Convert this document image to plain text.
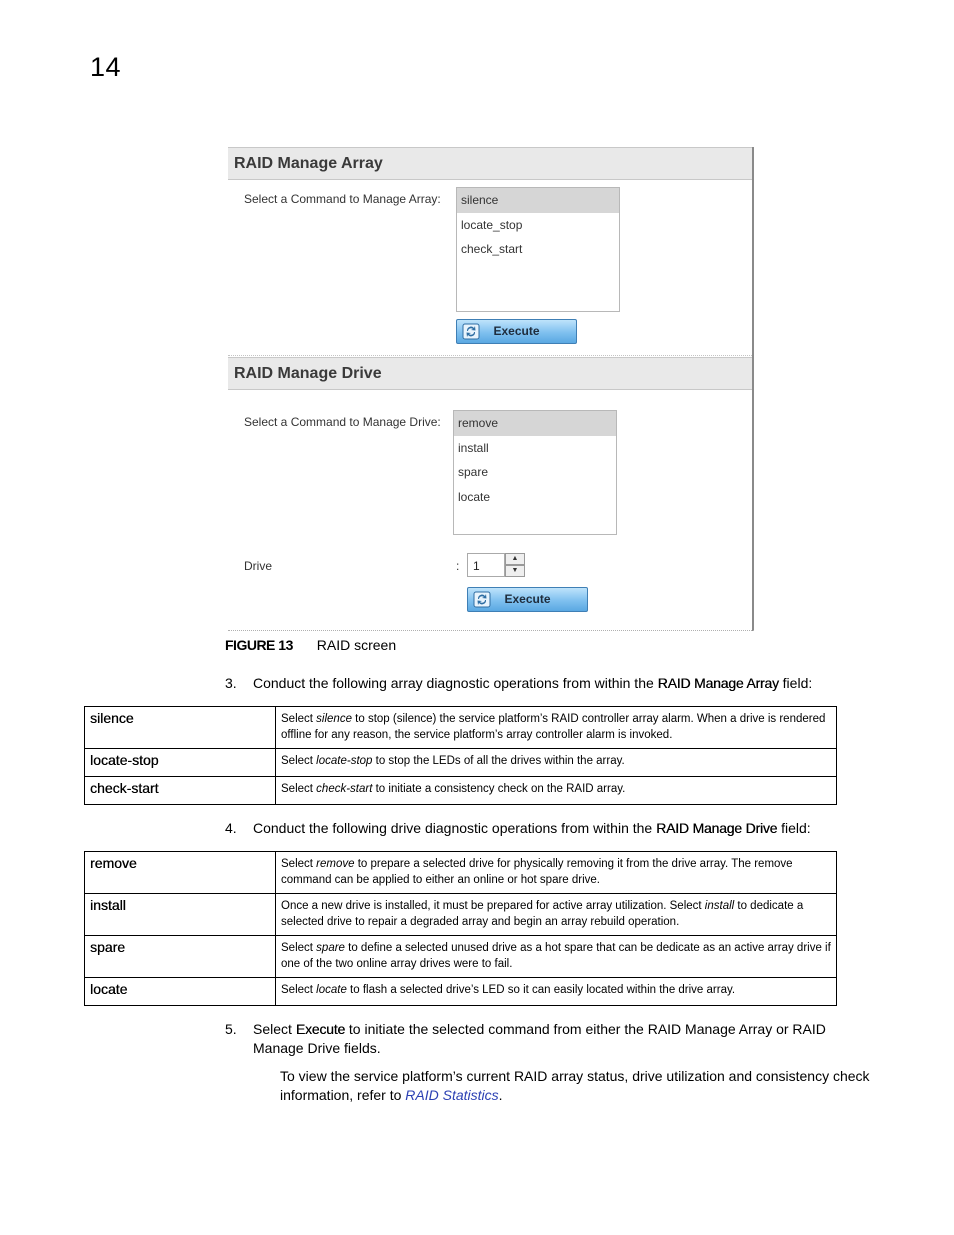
14
RAID Manage Array
Select a Command to Manage Array:	silence
locate_stop
check_start
Execute
RAID Manage Drive
Select a Command to Manage Drive:	remove
install
spare
locate
Drive	:	1
▲
▼
Execute
FIGURE 13 RAID screen
3. Conduct the following array diagnostic operations from within the RAID Manage Array field:
silence	Select silence to stop (silence) the service platform’s RAID controller array alarm. When a drive is rendered offline for any reason, the service platform’s array controller alarm is invoked.
locate-stop	Select locate-stop to stop the LEDs of all the drives within the array.
check-start	Select check-start to initiate a consistency check on the RAID array.
4. Conduct the following drive diagnostic operations from within the RAID Manage Drive field:
remove	Select remove to prepare a selected drive for physically removing it from the drive array. The remove command can be applied to either an online or hot spare drive.
install	Once a new drive is installed, it must be prepared for active array utilization. Select install to dedicate a selected drive to repair a degraded array and begin an array rebuild operation.
spare	Select spare to define a selected unused drive as a hot spare that can be dedicate as an active array drive if one of the two online array drives were to fail.
locate	Select locate to flash a selected drive’s LED so it can easily located within the drive array.
5. Select Execute to initiate the selected command from either the RAID Manage Array or RAID Manage Drive fields.
To view the service platform’s current RAID array status, drive utilization and consistency check information, refer to RAID Statistics.
